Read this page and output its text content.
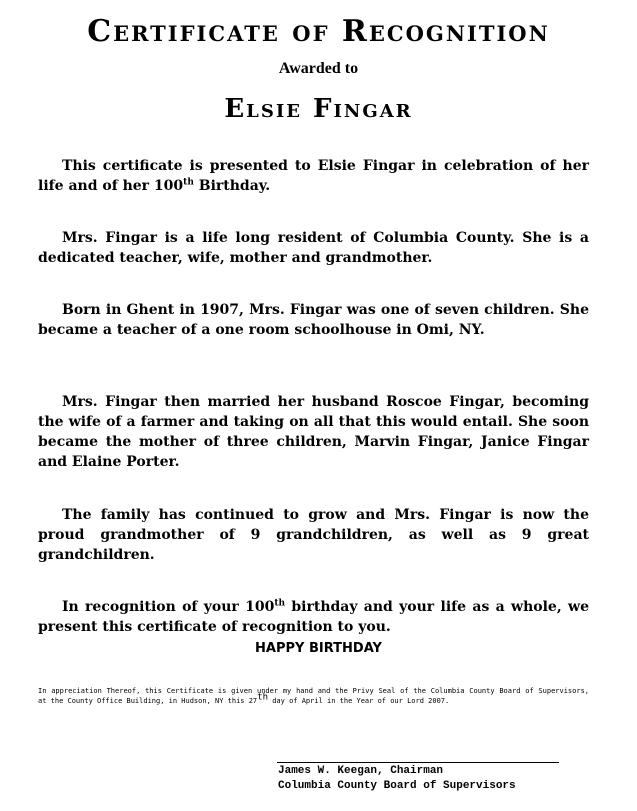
Certificate of Recognition
Awarded to
Elsie Fingar

This certificate is presented to Elsie Fingar in celebration of her life and of her 100th Birthday.

Mrs. Fingar is a life long resident of Columbia County. She is a dedicated teacher, wife, mother and grandmother.

Born in Ghent in 1907, Mrs. Fingar was one of seven children. She became a teacher of a one room schoolhouse in Omi, NY.

Mrs. Fingar then married her husband Roscoe Fingar, becoming the wife of a farmer and taking on all that this would entail. She soon became the mother of three children, Marvin Fingar, Janice Fingar and Elaine Porter.

The family has continued to grow and Mrs. Fingar is now the proud grandmother of 9 grandchildren, as well as 9 great grandchildren.

In recognition of your 100th birthday and your life as a whole, we present this certificate of recognition to you.

HAPPY BIRTHDAY

In appreciation Thereof, this Certificate is given under my hand and the Privy Seal of the Columbia County Board of Supervisors, at the County Office Building, in Hudson, NY this 27th day of April in the Year of our Lord 2007.

James W. Keegan, Chairman
Columbia County Board of Supervisors
